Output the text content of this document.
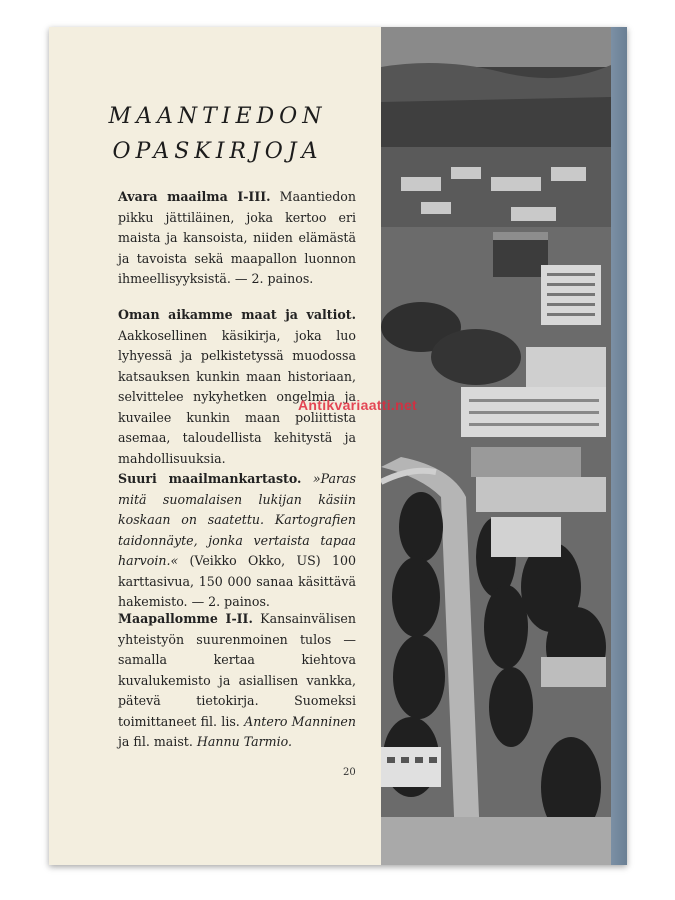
MAANTIEDON
OPASKIRJOJA
Avara maailma I-III. Maantiedon pikku jättiläinen, joka kertoo eri maista ja kansoista, niiden elämästä ja tavoista sekä maapallon luonnon ihmeellisyyksistä. — 2. painos.
Oman aikamme maat ja valtiot. Aakkosellinen käsikirja, joka luo lyhyessä ja pelkistetyssä muodossa katsauksen kunkin maan historiaan, selvittelee nykyhetken ongelmia ja kuvailee kunkin maan poliittista asemaa, taloudellista kehitystä ja mahdollisuuksia.
Suuri maailmankartasto. »Paras mitä suomalaisen lukijan käsiin koskaan on saatettu. Kartografien taidonnäyte, jonka vertaista tapaa harvoin.« (Veikko Okko, US) 100 karttasivua, 150 000 sanaa käsittävä hakemisto. — 2. painos.
Maapallomme I-II. Kansainvälisen yhteistyön suurenmoinen tulos — samalla kertaa kiehtova kuvalukemisto ja asiallisen vankka, pätevä tietokirja. Suomeksi toimittaneet fil. lis. Antero Manninen ja fil. maist. Hannu Tarmio.
20
Antikvariaatti.net
